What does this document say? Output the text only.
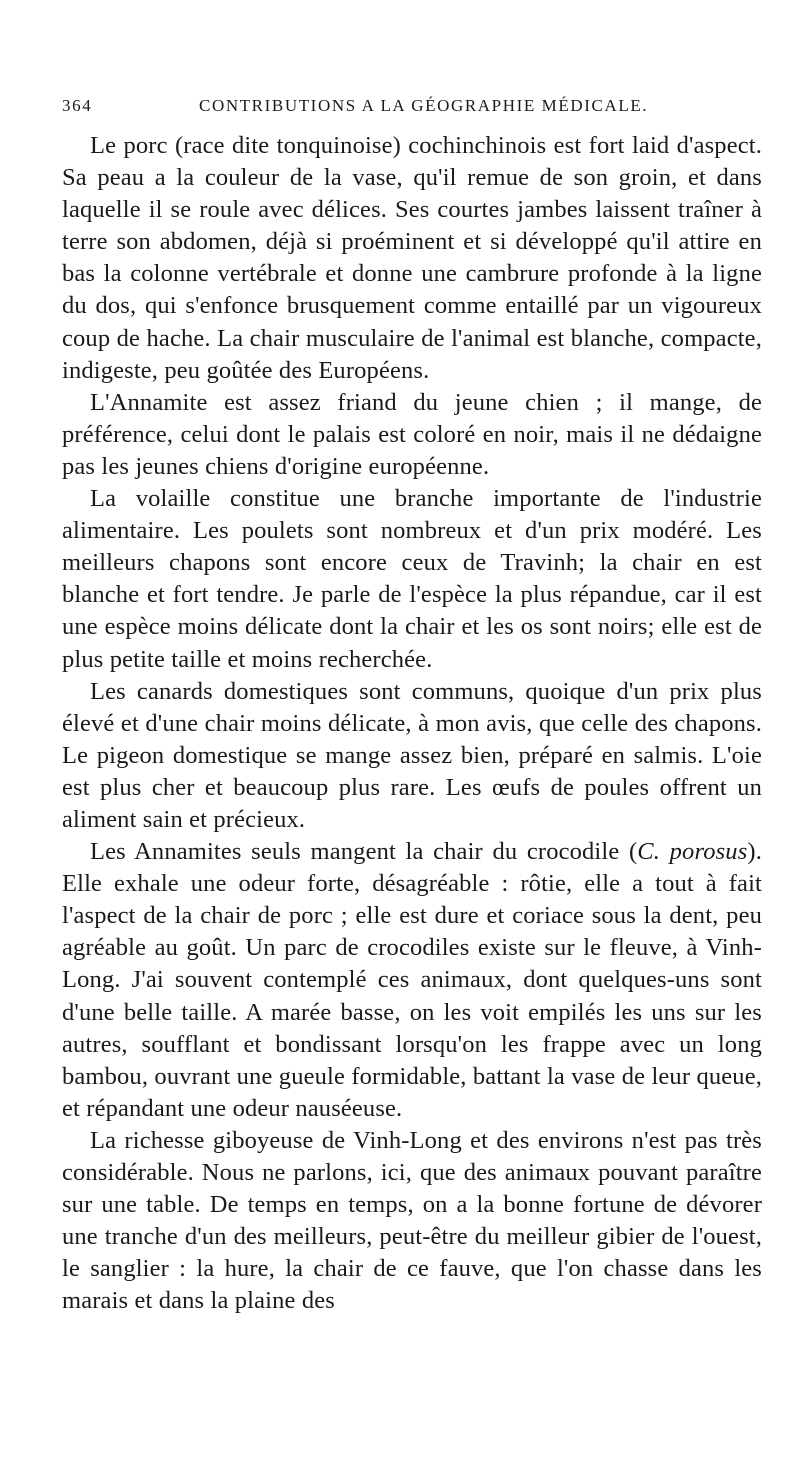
364	CONTRIBUTIONS A LA GÉOGRAPHIE MÉDICALE.

Le porc (race dite tonquinoise) cochinchinois est fort laid d'aspect. Sa peau a la couleur de la vase, qu'il remue de son groin, et dans laquelle il se roule avec délices. Ses courtes jambes laissent traîner à terre son abdomen, déjà si proéminent et si développé qu'il attire en bas la colonne vertébrale et donne une cambrure profonde à la ligne du dos, qui s'enfonce brusquement comme entaillé par un vigoureux coup de hache. La chair musculaire de l'animal est blanche, compacte, indigeste, peu goûtée des Européens.

L'Annamite est assez friand du jeune chien ; il mange, de préférence, celui dont le palais est coloré en noir, mais il ne dédaigne pas les jeunes chiens d'origine européenne.

La volaille constitue une branche importante de l'industrie alimentaire. Les poulets sont nombreux et d'un prix modéré. Les meilleurs chapons sont encore ceux de Travinh; la chair en est blanche et fort tendre. Je parle de l'espèce la plus répandue, car il est une espèce moins délicate dont la chair et les os sont noirs; elle est de plus petite taille et moins recherchée.

Les canards domestiques sont communs, quoique d'un prix plus élevé et d'une chair moins délicate, à mon avis, que celle des chapons. Le pigeon domestique se mange assez bien, préparé en salmis. L'oie est plus cher et beaucoup plus rare. Les œufs de poules offrent un aliment sain et précieux.

Les Annamites seuls mangent la chair du crocodile (C. porosus). Elle exhale une odeur forte, désagréable : rôtie, elle a tout à fait l'aspect de la chair de porc ; elle est dure et coriace sous la dent, peu agréable au goût. Un parc de crocodiles existe sur le fleuve, à Vinh-Long. J'ai souvent contemplé ces animaux, dont quelques-uns sont d'une belle taille. A marée basse, on les voit empilés les uns sur les autres, soufflant et bondissant lorsqu'on les frappe avec un long bambou, ouvrant une gueule formidable, battant la vase de leur queue, et répandant une odeur nauséeuse.

La richesse giboyeuse de Vinh-Long et des environs n'est pas très considérable. Nous ne parlons, ici, que des animaux pouvant paraître sur une table. De temps en temps, on a la bonne fortune de dévorer une tranche d'un des meilleurs, peut-être du meilleur gibier de l'ouest, le sanglier : la hure, la chair de ce fauve, que l'on chasse dans les marais et dans la plaine des
